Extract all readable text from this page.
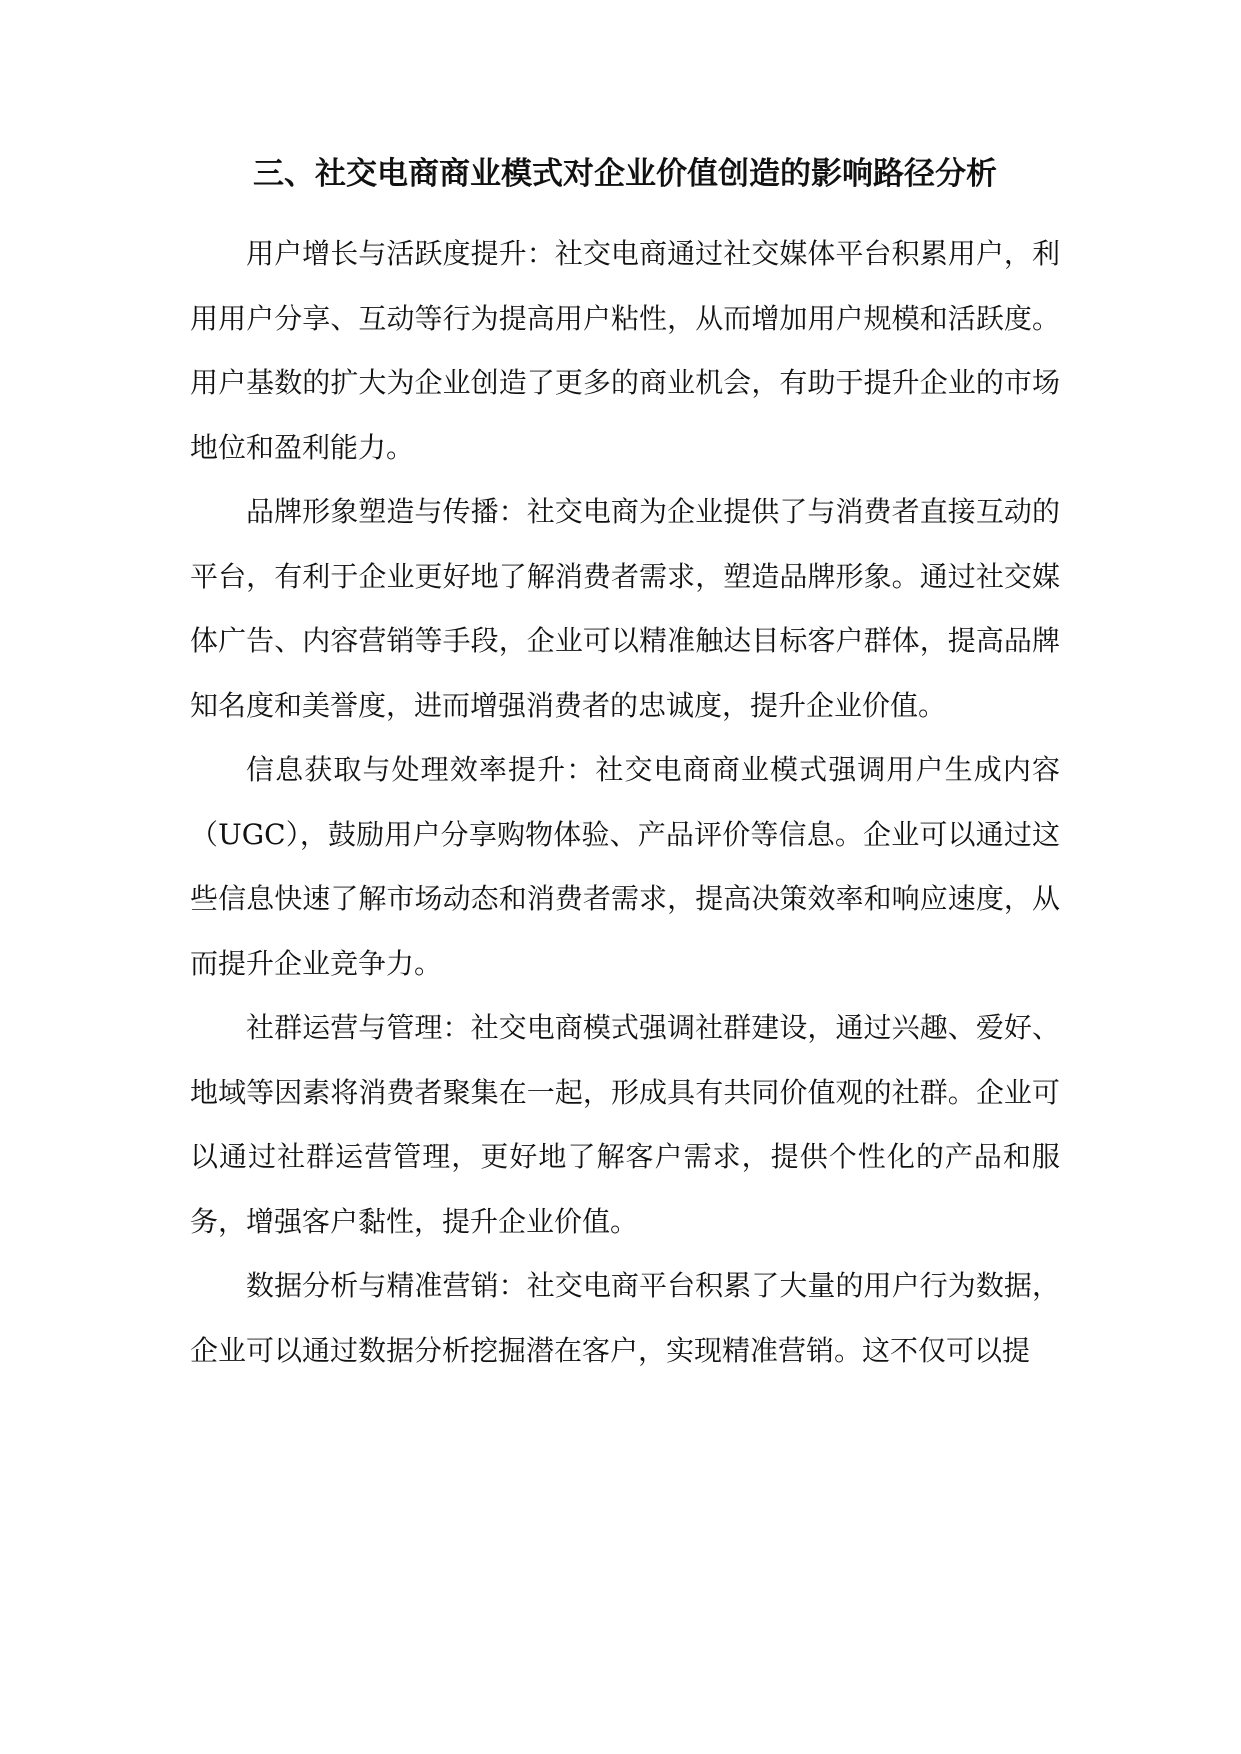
三、社交电商商业模式对企业价值创造的影响路径分析

用户增长与活跃度提升：社交电商通过社交媒体平台积累用户，利用用户分享、互动等行为提高用户粘性，从而增加用户规模和活跃度。用户基数的扩大为企业创造了更多的商业机会，有助于提升企业的市场地位和盈利能力。

品牌形象塑造与传播：社交电商为企业提供了与消费者直接互动的平台，有利于企业更好地了解消费者需求，塑造品牌形象。通过社交媒体广告、内容营销等手段，企业可以精准触达目标客户群体，提高品牌知名度和美誉度，进而增强消费者的忠诚度，提升企业价值。

信息获取与处理效率提升：社交电商商业模式强调用户生成内容（UGC），鼓励用户分享购物体验、产品评价等信息。企业可以通过这些信息快速了解市场动态和消费者需求，提高决策效率和响应速度，从而提升企业竞争力。

社群运营与管理：社交电商模式强调社群建设，通过兴趣、爱好、地域等因素将消费者聚集在一起，形成具有共同价值观的社群。企业可以通过社群运营管理，更好地了解客户需求，提供个性化的产品和服务，增强客户黏性，提升企业价值。

数据分析与精准营销：社交电商平台积累了大量的用户行为数据，企业可以通过数据分析挖掘潜在客户，实现精准营销。这不仅可以提
